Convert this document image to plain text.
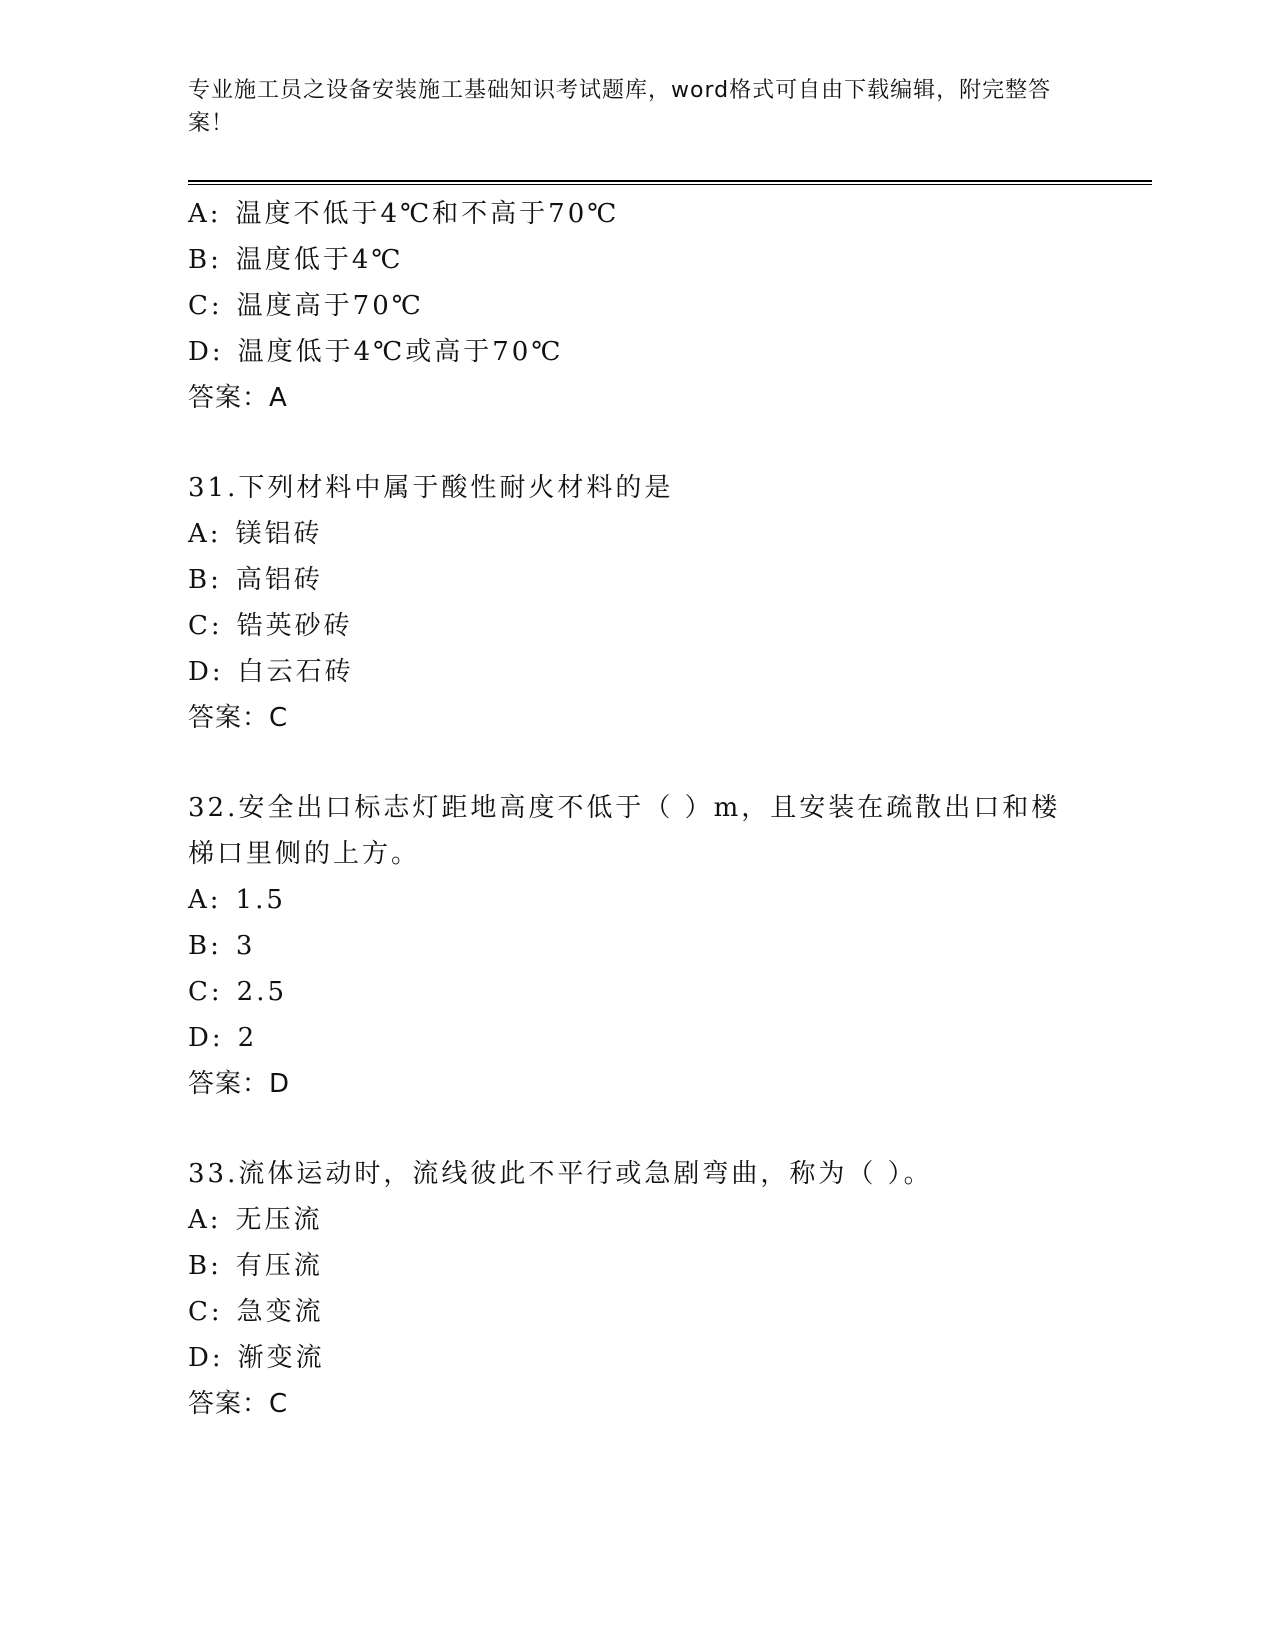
专业施工员之设备安装施工基础知识考试题库，word格式可自由下载编辑，附完整答案！
A: 温度不低于4℃和不高于70℃
B: 温度低于4℃
C: 温度高于70℃
D: 温度低于4℃或高于70℃
答案：A
31.下列材料中属于酸性耐火材料的是
A: 镁铝砖
B: 高铝砖
C: 锆英砂砖
D: 白云石砖
答案：C
32.安全出口标志灯距地高度不低于（ ）m，且安装在疏散出口和楼梯口里侧的上方。
A: 1.5
B: 3
C: 2.5
D: 2
答案：D
33.流体运动时，流线彼此不平行或急剧弯曲，称为（ ）。
A: 无压流
B: 有压流
C: 急变流
D: 渐变流
答案：C
